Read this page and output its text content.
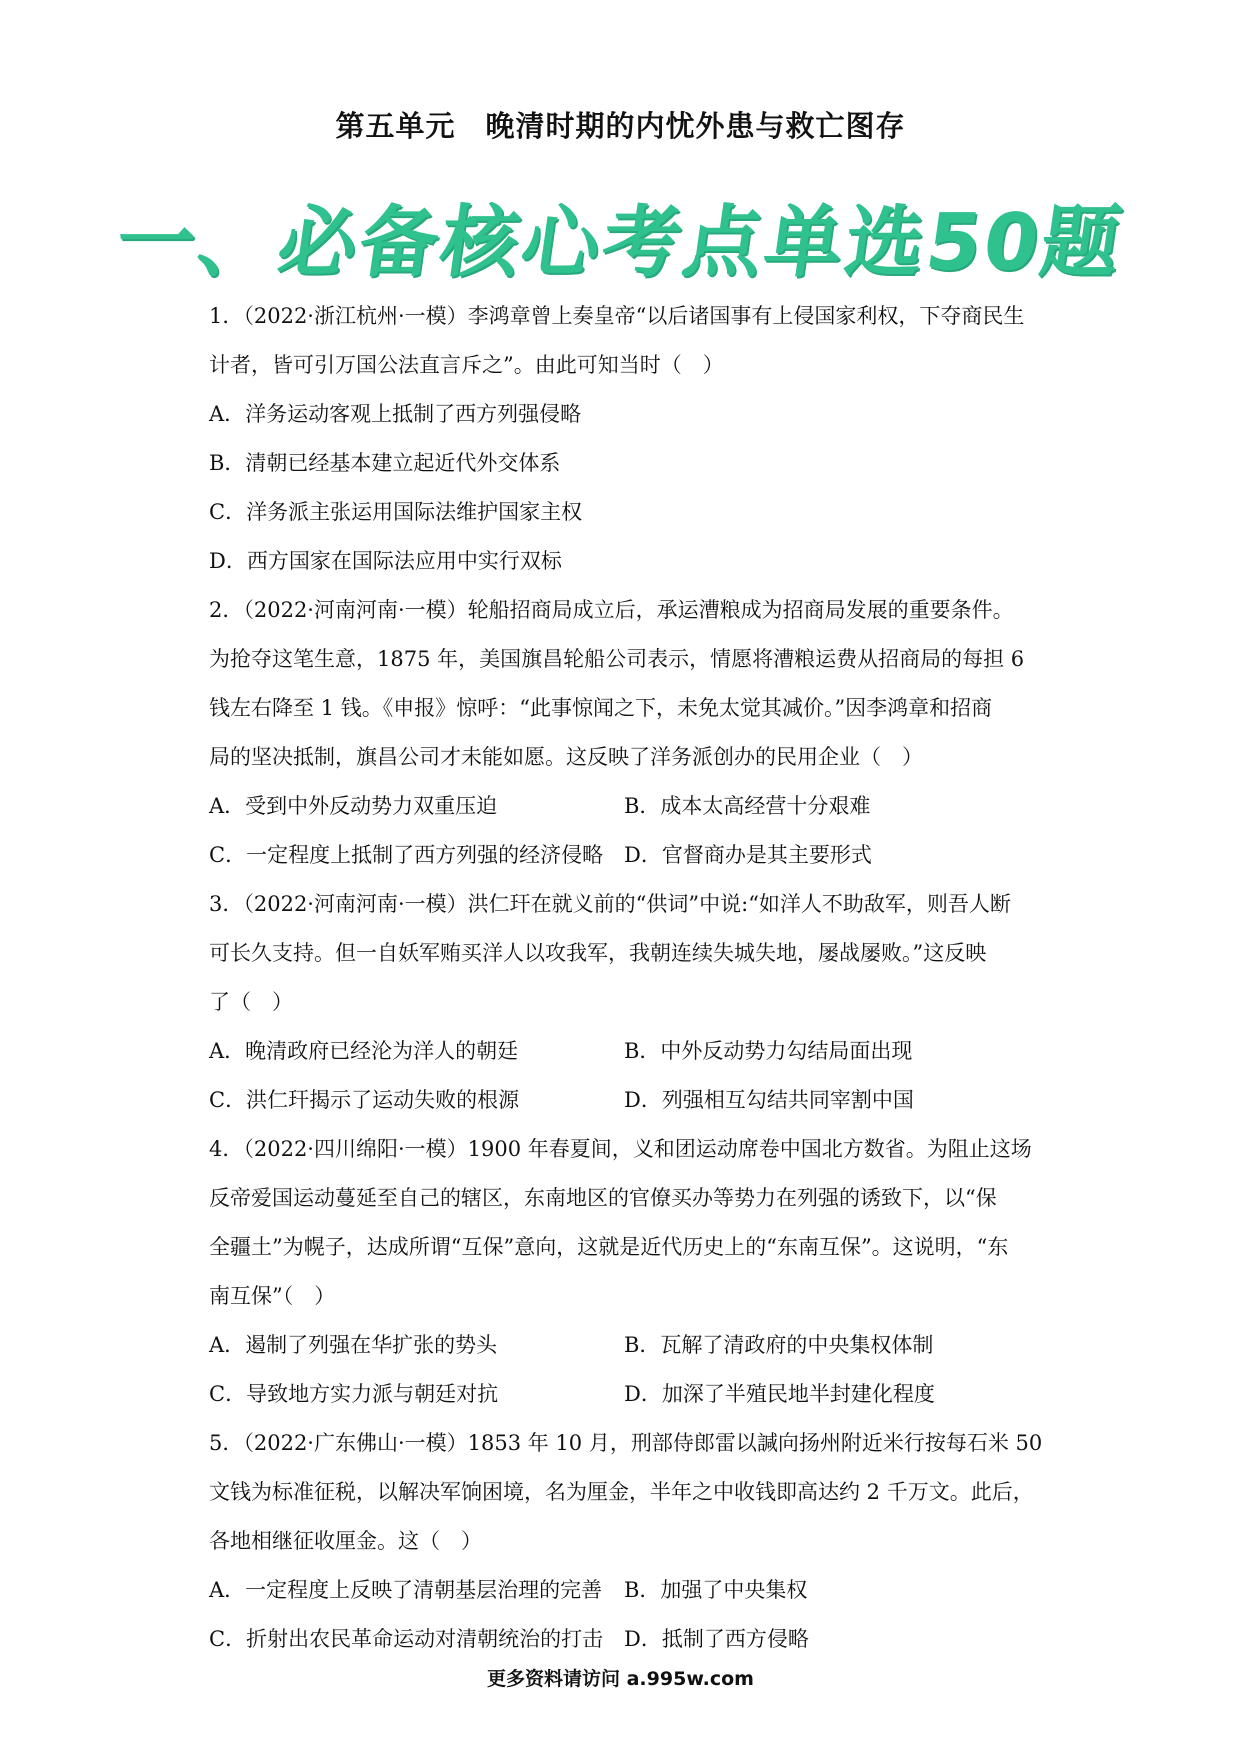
第五单元　晚清时期的内忧外患与救亡图存
一、必备核心考点单选50题
1．（2022·浙江杭州·一模）李鸿章曾上奏皇帝“以后诸国事有上侵国家利权，下夺商民生
计者，皆可引万国公法直言斥之”。由此可知当时（　）
A．洋务运动客观上抵制了西方列强侵略
B．清朝已经基本建立起近代外交体系
C．洋务派主张运用国际法维护国家主权
D．西方国家在国际法应用中实行双标
2．（2022·河南河南·一模）轮船招商局成立后，承运漕粮成为招商局发展的重要条件。
为抢夺这笔生意，1875 年，美国旗昌轮船公司表示，情愿将漕粮运费从招商局的每担 6
钱左右降至 1 钱。《申报》惊呼：“此事惊闻之下，未免太觉其减价。”因李鸿章和招商
局的坚决抵制，旗昌公司才未能如愿。这反映了洋务派创办的民用企业（　）
A．受到中外反动势力双重压迫	B．成本太高经营十分艰难
C．一定程度上抵制了西方列强的经济侵略 D．官督商办是其主要形式
3．（2022·河南河南·一模）洪仁玕在就义前的“供词”中说:“如洋人不助敌军，则吾人断
可长久支持。但一自妖军贿买洋人以攻我军，我朝连续失城失地，屡战屡败。”这反映
了（　）
A．晚清政府已经沦为洋人的朝廷	B．中外反动势力勾结局面出现
C．洪仁玕揭示了运动失败的根源	D．列强相互勾结共同宰割中国
4．（2022·四川绵阳·一模）1900 年春夏间，义和团运动席卷中国北方数省。为阻止这场
反帝爱国运动蔓延至自己的辖区，东南地区的官僚买办等势力在列强的诱致下，以“保
全疆土”为幌子，达成所谓“互保”意向，这就是近代历史上的“东南互保”。这说明，“东
南互保”（　）
A．遏制了列强在华扩张的势头	B．瓦解了清政府的中央集权体制
C．导致地方实力派与朝廷对抗	D．加深了半殖民地半封建化程度
5．（2022·广东佛山·一模）1853 年 10 月，刑部侍郎雷以諴向扬州附近米行按每石米 50
文钱为标准征税，以解决军饷困境，名为厘金，半年之中收钱即高达约 2 千万文。此后，
各地相继征收厘金。这（　）
A．一定程度上反映了清朝基层治理的完善	B．加强了中央集权
C．折射出农民革命运动对清朝统治的打击 D．抵制了西方侵略
更多资料请访问 a.995w.com
